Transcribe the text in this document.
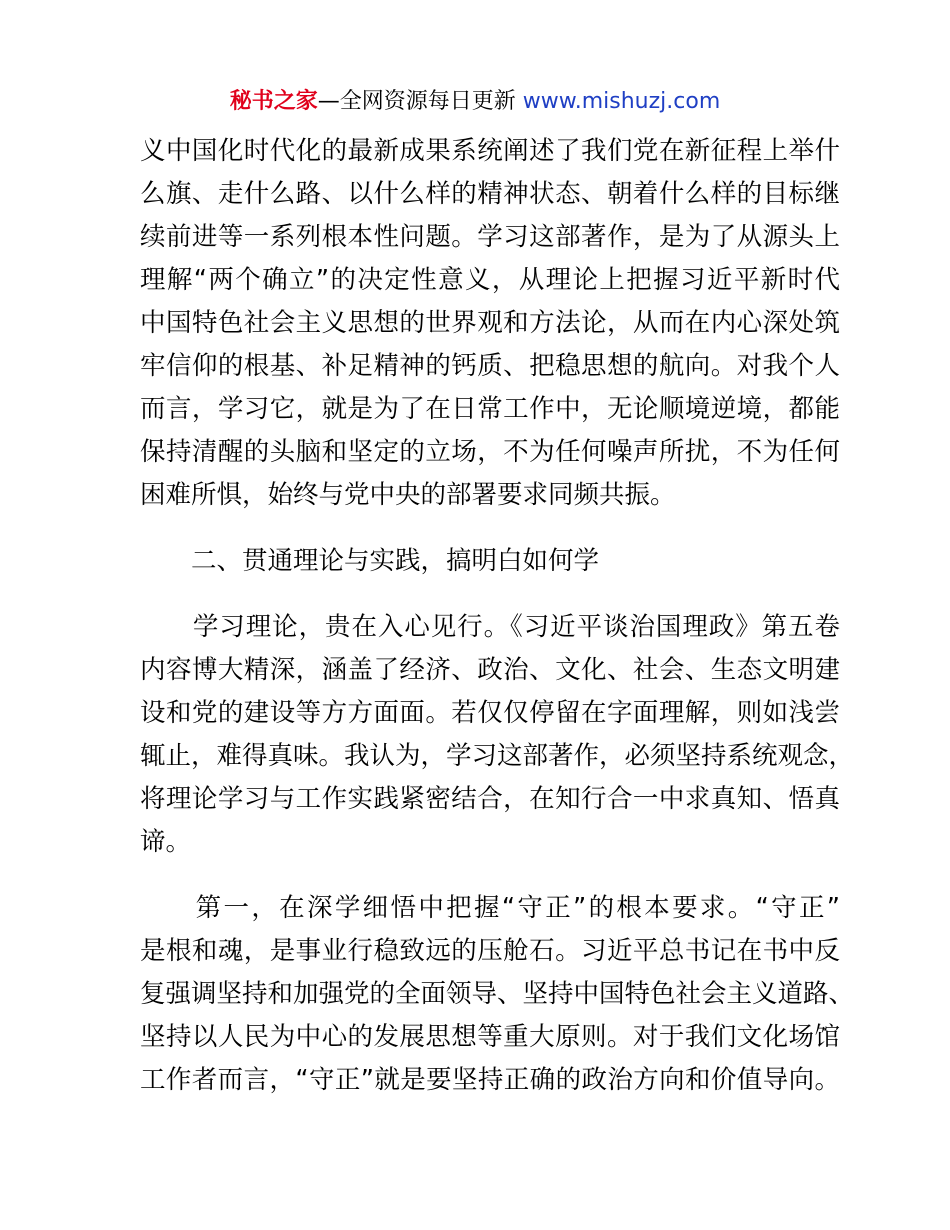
秘书之家—全网资源每日更新 www.mishuzj.com
义中国化时代化的最新成果系统阐述了我们党在新征程上举什
么旗、走什么路、以什么样的精神状态、朝着什么样的目标继
续前进等一系列根本性问题。学习这部著作，是为了从源头上
理解“两个确立”的决定性意义，从理论上把握习近平新时代
中国特色社会主义思想的世界观和方法论，从而在内心深处筑
牢信仰的根基、补足精神的钙质、把稳思想的航向。对我个人
而言，学习它，就是为了在日常工作中，无论顺境逆境，都能
保持清醒的头脑和坚定的立场，不为任何噪声所扰，不为任何
困难所惧，始终与党中央的部署要求同频共振。
　　二、贯通理论与实践，搞明白如何学
　　学习理论，贵在入心见行。《习近平谈治国理政》第五卷
内容博大精深，涵盖了经济、政治、文化、社会、生态文明建
设和党的建设等方方面面。若仅仅停留在字面理解，则如浅尝
辄止，难得真味。我认为，学习这部著作，必须坚持系统观念，
将理论学习与工作实践紧密结合，在知行合一中求真知、悟真
谛。
　　第一，在深学细悟中把握“守正”的根本要求。“守正”
是根和魂，是事业行稳致远的压舱石。习近平总书记在书中反
复强调坚持和加强党的全面领导、坚持中国特色社会主义道路、
坚持以人民为中心的发展思想等重大原则。对于我们文化场馆
工作者而言，“守正”就是要坚持正确的政治方向和价值导向。
